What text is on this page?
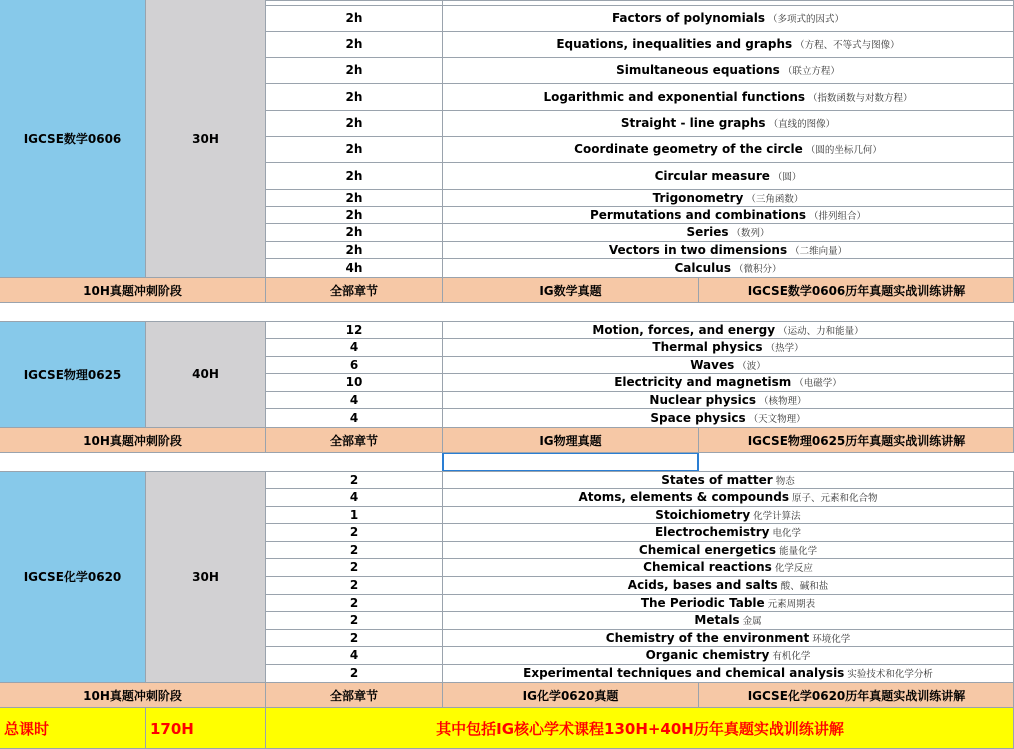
IGCSE数学0606	30H
2h	Factors of polynomials （多项式的因式）
2h	Equations, inequalities and graphs （方程、不等式与图像）
2h	Simultaneous equations （联立方程）
2h	Logarithmic and exponential functions （指数函数与对数方程）
2h	Straight - line graphs （直线的图像）
2h	Coordinate geometry of the circle （圆的坐标几何）
2h	Circular measure （圆）
2h	Trigonometry （三角函数）
2h	Permutations and combinations （排列组合）
2h	Series （数列）
2h	Vectors in two dimensions （二维向量）
4h	Calculus （微积分）
10H真题冲刺阶段	全部章节	IG数学真题	IGCSE数学0606历年真题实战训练讲解
IGCSE物理0625	40H
12	Motion, forces, and energy （运动、力和能量）
4	Thermal physics （热学）
6	Waves （波）
10	Electricity and magnetism （电磁学）
4	Nuclear physics （核物理）
4	Space physics （天文物理）
10H真题冲刺阶段	全部章节	IG物理真题	IGCSE物理0625历年真题实战训练讲解
IGCSE化学0620	30H
2	States of matter 物态
4	Atoms, elements & compounds 原子、元素和化合物
1	Stoichiometry 化学计算法
2	Electrochemistry 电化学
2	Chemical energetics 能量化学
2	Chemical reactions 化学反应
2	Acids, bases and salts 酸、碱和盐
2	The Periodic Table 元素周期表
2	Metals 金属
2	Chemistry of the environment 环境化学
4	Organic chemistry 有机化学
2	Experimental techniques and chemical analysis 实验技术和化学分析
10H真题冲刺阶段	全部章节	IG化学0620真题	IGCSE化学0620历年真题实战训练讲解
总课时	170H	其中包括IG核心学术课程130H+40H历年真题实战训练讲解
